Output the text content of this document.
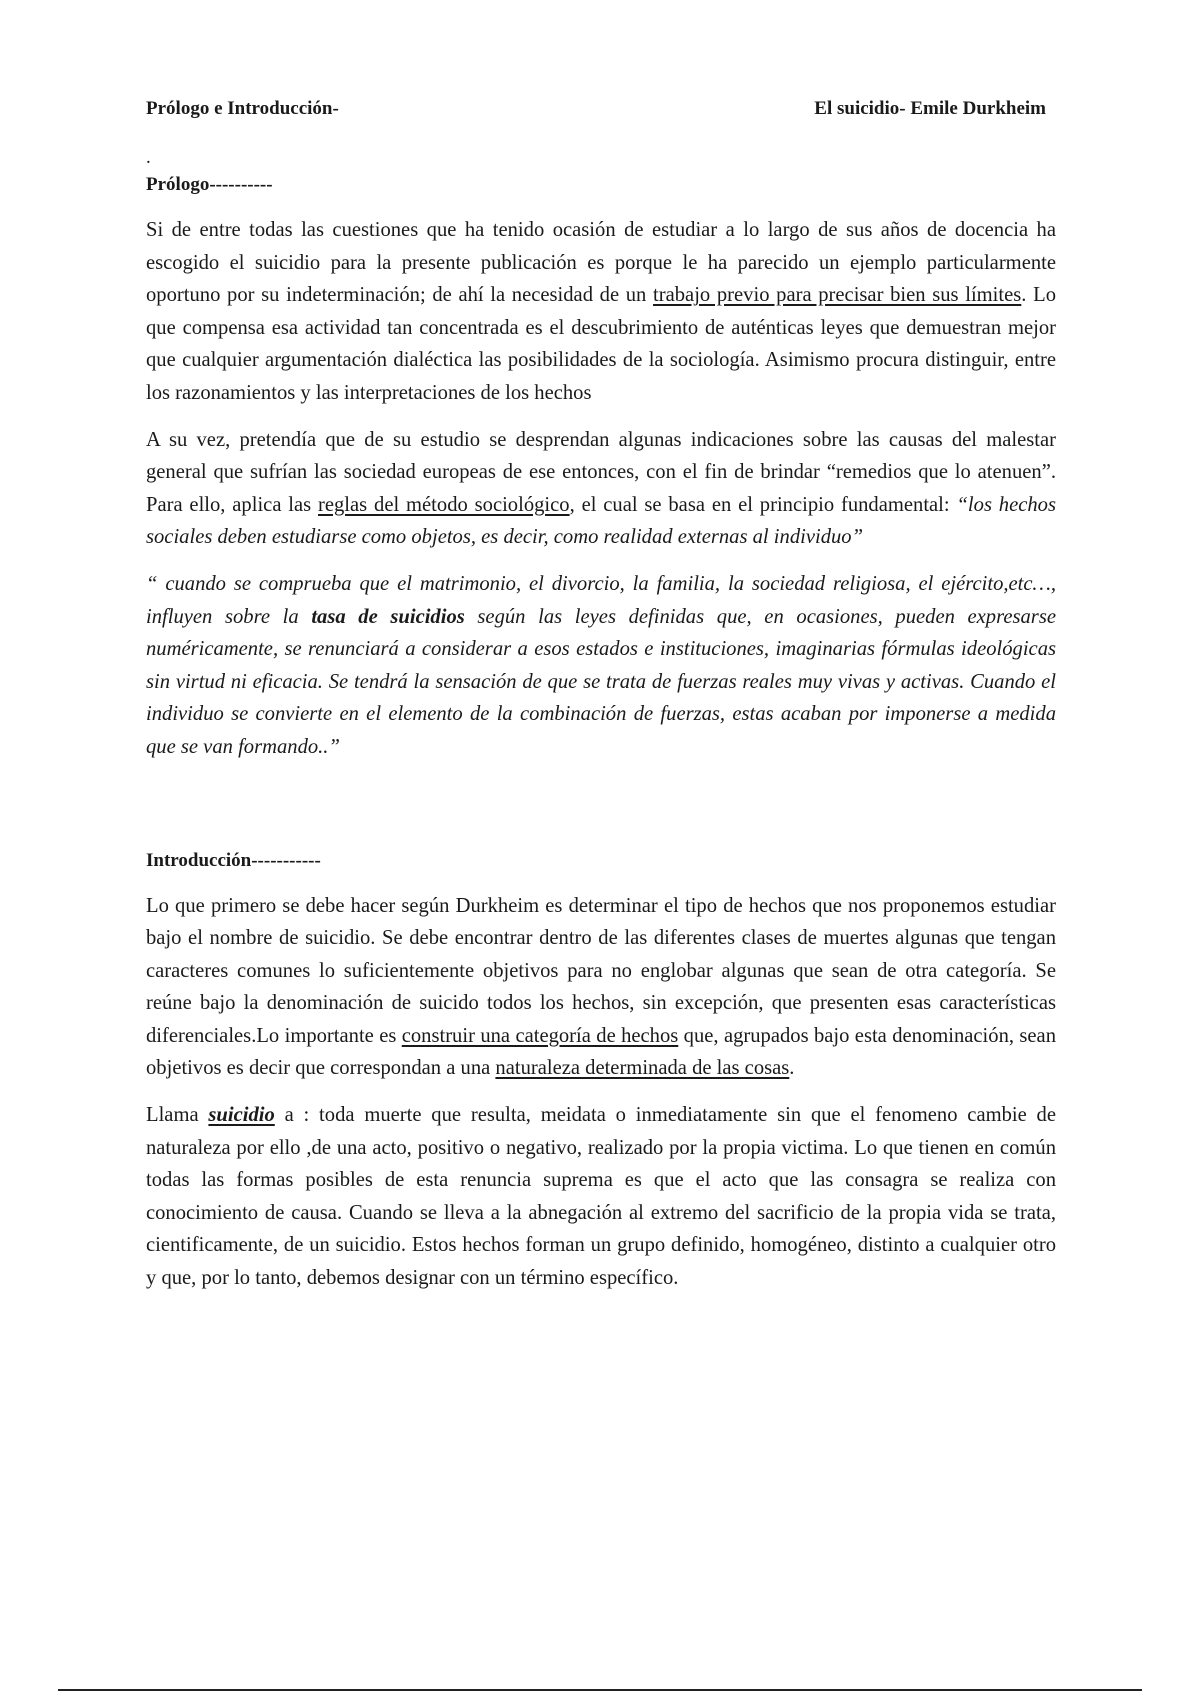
Prólogo e Introducción-	El suicidio- Emile Durkheim
.
Prólogo----------

Si de entre todas las cuestiones que ha tenido ocasión de estudiar a lo largo de sus años de docencia ha escogido el suicidio para la presente publicación es porque le ha parecido un ejemplo particularmente oportuno por su indeterminación; de ahí la necesidad de un trabajo previo para precisar bien sus límites. Lo que compensa esa actividad tan concentrada es el descubrimiento de auténticas leyes que demuestran mejor que cualquier argumentación dialéctica las posibilidades de la sociología. Asimismo procura distinguir, entre los razonamientos y las interpretaciones de los hechos

A su vez, pretendía que de su estudio se desprendan algunas indicaciones sobre las causas del malestar general que sufrían las sociedad europeas de ese entonces, con el fin de brindar “remedios que lo atenuen”. Para ello, aplica las reglas del método sociológico, el cual se basa en el principio fundamental: “los hechos sociales deben estudiarse como objetos, es decir, como realidad externas al individuo”

“ cuando se comprueba que el matrimonio, el divorcio, la familia, la sociedad religiosa, el ejército,etc…, influyen sobre la tasa de suicidios según las leyes definidas que, en ocasiones, pueden expresarse numéricamente, se renunciará a considerar a esos estados e instituciones, imaginarias fórmulas ideológicas sin virtud ni eficacia. Se tendrá la sensación de que se trata de fuerzas reales muy vivas y activas. Cuando el individuo se convierte en el elemento de la combinación de fuerzas, estas acaban por imponerse a medida que se van formando..”

Introducción-----------

Lo que primero se debe hacer según Durkheim es determinar el tipo de hechos que nos proponemos estudiar bajo el nombre de suicidio. Se debe encontrar dentro de las diferentes clases de muertes algunas que tengan caracteres comunes lo suficientemente objetivos para no englobar algunas que sean de otra categoría. Se reúne bajo la denominación de suicido todos los hechos, sin excepción, que presenten esas características diferenciales.Lo importante es construir una categoría de hechos que, agrupados bajo esta denominación, sean objetivos es decir que correspondan a una naturaleza determinada de las cosas.

Llama suicidio a : toda muerte que resulta, meidata o inmediatamente sin que el fenomeno cambie de naturaleza por ello ,de una acto, positivo o negativo, realizado por la propia victima. Lo que tienen en común todas las formas posibles de esta renuncia suprema es que el acto que las consagra se realiza con conocimiento de causa. Cuando se lleva a la abnegación al extremo del sacrificio de la propia vida se trata, cientificamente, de un suicidio. Estos hechos forman un grupo definido, homogéneo, distinto a cualquier otro y que, por lo tanto, debemos designar con un término específico.
